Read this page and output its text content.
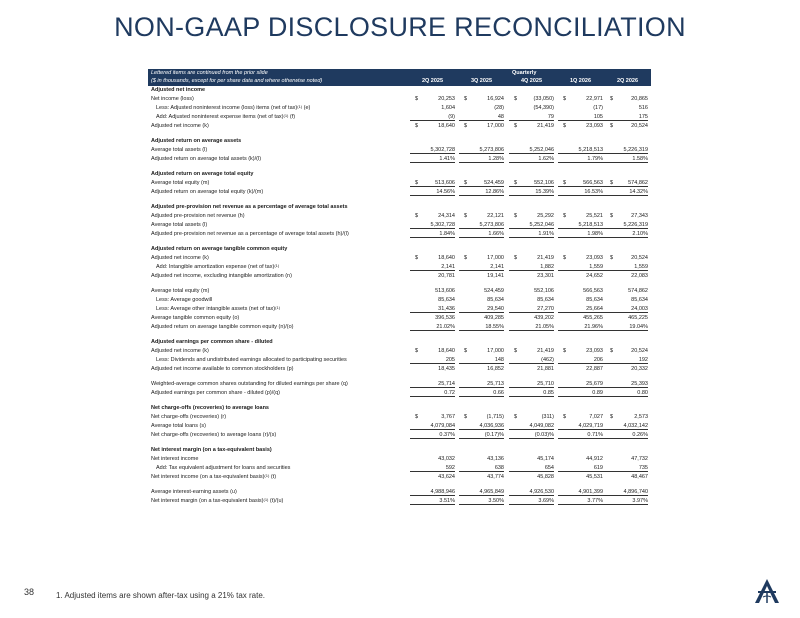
NON-GAAP DISCLOSURE RECONCILIATION
Lettered items are continued from the prior slide
($ in thousands, except for per share data and where otherwise noted)
Quarterly
2Q 2025	3Q 2025	4Q 2025	1Q 2026	2Q 2026
Adjusted net income
Net income (loss)	$	20,253 $	16,924 $	(33,050) $	22,971 $	20,865
Less: Adjusted noninterest income (loss) items (net of tax)$^{(1)}$ (e)	1,604	(28)	(54,390)	(17)	516
Add: Adjusted noninterest expense items (net of tax)$^{(1)}$ (f)	(9)	48	79	105	175
Adjusted net income (k)	$	18,640 $	17,000 $	21,419 $	23,093 $	20,524
Adjusted return on average assets
Average total assets (l)	5,302,728	5,273,806	5,252,046	5,218,513	5,226,319
Adjusted return on average total assets (k)/(l)	1.41%	1.28%	1.62%	1.79%	1.58%
Adjusted return on average total equity
Average total equity (m)	$	513,606 $	524,459 $	552,106 $	566,563 $	574,862
Adjusted return on average total equity (k)/(m)	14.56%	12.86%	15.39%	16.53%	14.32%
Adjusted pre-provision net revenue as a percentage of average total assets
Adjusted pre-provision net revenue (h)	$	24,314 $	22,121 $	25,292 $	25,521 $	27,343
Average total assets (l)	5,302,728	5,273,806	5,252,046	5,218,513	5,226,319
Adjusted pre-provision net revenue as a percentage of average total assets (h)/(l)	1.84%	1.66%	1.91%	1.98%	2.10%
Adjusted return on average tangible common equity
Adjusted net income (k)	$	18,640 $	17,000 $	21,419 $	23,093 $	20,524
Add: Intangible amortization expense (net of tax)$^{(1)}$	2,141	2,141	1,882	1,559	1,559
Adjusted net income, excluding intangible amortization (n)	20,781	19,141	23,301	24,652	22,083
Average total equity (m)	513,606	524,459	552,106	566,563	574,862
Less: Average goodwill	85,634	85,634	85,634	85,634	85,634
Less: Average other intangible assets (net of tax)$^{(1)}$	31,436	29,540	27,270	25,664	24,003
Average tangible common equity (o)	396,536	409,285	439,202	455,265	465,225
Adjusted return on average tangible common equity (n)/(o)	21.02%	18.55%	21.05%	21.96%	19.04%
Adjusted earnings per common share - diluted
Adjusted net income (k)	$	18,640 $	17,000 $	21,419 $	23,093 $	20,524
Less: Dividends and undistributed earnings allocated to participating securities	205	148	(462)	206	192
Adjusted net income available to common stockholders (p)	18,435	16,852	21,881	22,887	20,332
Weighted-average common shares outstanding for diluted earnings per share (q)	25,714	25,713	25,710	25,679	25,393
Adjusted earnings per common share - diluted (p)/(q)	0.72	0.66	0.85	0.89	0.80
Net charge-offs (recoveries) to average loans
Net charge-offs (recoveries) (r)	$	3,767 $	(1,715) $	(311) $	7,027 $	2,573
Average total loans (s)	4,079,084	4,036,936	4,049,082	4,029,719	4,032,142
Net charge-offs (recoveries) to average loans (r)/(s)	0.37%	(0.17)%	(0.03)%	0.71%	0.26%
Net interest margin (on a tax-equivalent basis)
Net interest income	43,032	43,136	45,174	44,912	47,732
Add: Tax equivalent adjustment for loans and securities	592	638	654	619	735
Net interest income (on a tax-equivalent basis)$^{(1)}$ (t)	43,624	43,774	45,828	45,531	48,467
Average interest-earning assets (u)	4,988,946	4,965,849	4,926,530	4,901,399	4,896,740
Net interest margin (on a tax-equivalent basis)$^{(1)}$ (t)/(u)	3.51%	3.50%	3.69%	3.77%	3.97%
38	1. Adjusted items are shown after-tax using a 21% tax rate.
